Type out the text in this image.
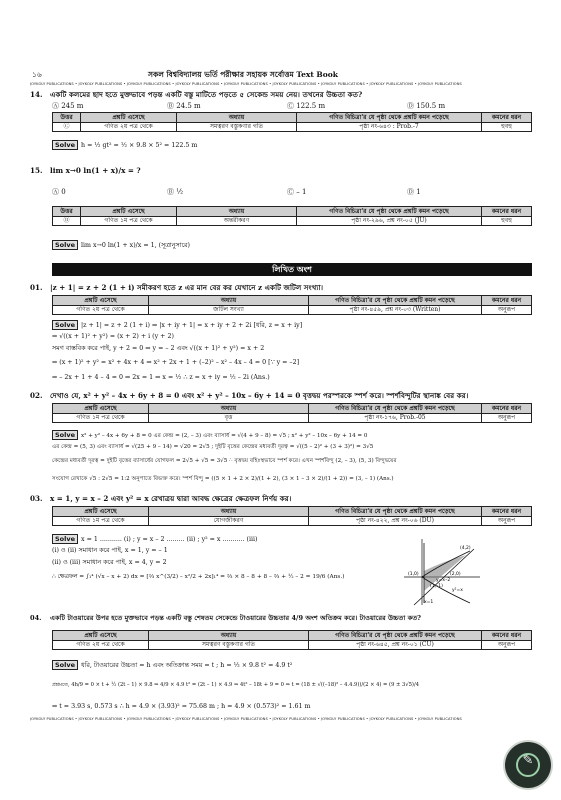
১৬	সকল বিশ্ববিদ্যালয় ভর্তি পরীক্ষার সহায়ক সর্বোত্তম Text Book
JOYKOLY PUBLICATIONS • JOYKOLY PUBLICATIONS • JOYKOLY PUBLICATIONS • JOYKOLY PUBLICATIONS • JOYKOLY PUBLICATIONS • JOYKOLY PUBLICATIONS • JOYKOLY PUBLICATIONS • JOYKOLY PUBLICATIONS • JOYKOLY PUBLICATIONS
14. একটি কলমের ছাদ হতে মুক্তভাবে পড়ন্ত একটি বস্তু মাটিতে পড়তে ৫ সেকেন্ড সময় নেয়। তখনের উচ্চতা কত?
Ⓐ 245 m	Ⓑ 24.5 m	Ⓒ 122.5 m	Ⓓ 150.5 m
উত্তর	প্রশ্নটি এসেছে	অধ্যায়	গণিত বিচিত্রা'র যে পৃষ্ঠা থেকে প্রশ্নটি কমন পড়েছে	কমনের ধরন
Ⓒ	গণিত ২য় পত্র থেকে	সমত্বরণ বস্তুকণার গতি	পৃষ্ঠা নং-৬৪৩ : Prob.-7	হুবহু
Solve h = ½ gt² = ½ × 9.8 × 5² = 122.5 m
15. lim x→0 ln(1 + x)/x = ?
Ⓐ 0	Ⓑ ½	Ⓒ – 1	Ⓓ 1
উত্তর	প্রশ্নটি এসেছে	অধ্যায়	গণিত বিচিত্রা'র যে পৃষ্ঠা থেকে প্রশ্নটি কমন পড়েছে	কমনের ধরন
Ⓓ	গণিত ১ম পত্র থেকে	অন্তরীকরণ	পৃষ্ঠা নং-২৯৬, প্রশ্ন নং-০৫ (JU)	হুবহু
Solve lim x→0 ln(1 + x)/x = 1, (সূত্রানুসারে)
লিখিত অংশ
01. |z + 1| = z + 2 (1 + i) সমীকরণ হতে z এর মান বের কর যেখানে z একটি জটিল সংখ্যা।
প্রশ্নটি এসেছে	অধ্যায়	গণিত বিচিত্রা'র যে পৃষ্ঠা থেকে প্রশ্নটি কমন পড়েছে	কমনের ধরন
গণিত ২য় পত্র থেকে	জটিল সংখ্যা	পৃষ্ঠা নং-৪৫৯, প্রশ্ন নং-০৩ (Written)	অনুরূপ
Solve |z + 1| = z + 2 (1 + i) ⇒ |x + iy + 1| = x + iy + 2 + 2i [ধরি, z = x + iy]
⇒ √((x + 1)² + y²) = (x + 2) + i (y + 2)
সমগ বাস্তবিক করে পাই, y + 2 = 0 ⇒ y = – 2 এবং √((x + 1)² + y²) = x + 2
⇒ (x + 1)² + y² = x² + 4x + 4 ⇒ x² + 2x + 1 + (–2)² – x² – 4x – 4 = 0 [∵ y = –2]
⇒ – 2x + 1 + 4 – 4 = 0 ⇒ 2x = 1 ⇒ x = ½ ∴ z = x + iy = ½ – 2i (Ans.)
02. দেখাও যে, x² + y² – 4x + 6y + 8 = 0 এবং x² + y² – 10x – 6y + 14 = 0 বৃত্তদ্বয় পরস্পরকে স্পর্শ করে। স্পর্শবিন্দুটির স্থানাঙ্ক বের কর।
প্রশ্নটি এসেছে	অধ্যায়	গণিত বিচিত্রা'র যে পৃষ্ঠা থেকে প্রশ্নটি কমন পড়েছে	কমনের ধরন
গণিত ১ম পত্র থেকে	বৃত্ত	পৃষ্ঠা নং-১৭৬, Prob.-05	অনুরূপ
Solve x² + y² – 4x + 6y + 8 = 0 এর কেন্দ্র = (2, – 3) এবং ব্যাসার্ধ = √(4 + 9 – 8) = √5 ; x² + y² – 10x – 6y + 14 = 0
এর কেন্দ্র = (5, 3) এবং ব্যাসার্ধ = √(25 + 9 – 14) = √20 = 2√5 ; দুইটি বৃত্তের কেন্দ্রের মধ্যবর্তী দূরত্ব = √((5 – 2)² + (3 + 3)²) = 3√5
কেন্দ্রের মধ্যবর্তী দূরত্ব = দুইটি বৃত্তের ব্যাসার্ধের যোগফল = 2√5 + √5 = 3√5 ∴ বৃত্তদ্বয় বহিঃস্থভাবে স্পর্শ করে। এখন স্পর্শবিন্দু (2, – 3), (5, 3) বিন্দুদ্বয়ের
সংযোগ রেখাকে √5 : 2√5 = 1:2 অনুপাতে বিভক্ত করে। স্পর্শ বিন্দু = ((5 × 1 + 2 × 2)/(1 + 2), (3 × 1 – 3 × 2)/(1 + 2)) = (3, – 1) (Ans.)
03. x = 1, y = x – 2 এবং y² = x রেখাত্রয় দ্বারা আবদ্ধ ক্ষেত্রের ক্ষেত্রফল নির্ণয় কর।
প্রশ্নটি এসেছে	অধ্যায়	গণিত বিচিত্রা'র যে পৃষ্ঠা থেকে প্রশ্নটি কমন পড়েছে	কমনের ধরন
গণিত ১ম পত্র থেকে	যোগজীকরণ	পৃষ্ঠা নং-৪২২, প্রশ্ন নং-০৬ (DU)	অনুরূপ
Solve x = 1 ........... (i) ; y = x – 2 ......... (ii) ; y² = x ........... (iii)
(i) ও (ii) সমাধান করে পাই, x = 1, y = – 1
(ii) ও (iii) সমাধান করে পাই, x = 4, y = 2
∴ ক্ষেত্রফল = ∫₁⁴ (√x – x + 2) dx = [⅔ x^(3/2) – x²/2 + 2x]₁⁴ = ⅔ × 8 – 8 + 8 – ⅔ + ½ – 2 = 19/6 (Ans.)
(4,2)
(2,0)
(1,0)
y=x–2
(1,–1)
y²=x
x=1
04. একটি টাওয়ারের উপর হতে মুক্তভাবে পড়ন্ত একটি বস্তু শেষতম সেকেন্ডে টাওয়ারের উচ্চতার 4/9 অংশ অতিক্রম করে। টাওয়ারের উচ্চতা কত?
প্রশ্নটি এসেছে	অধ্যায়	গণিত বিচিত্রা'র যে পৃষ্ঠা থেকে প্রশ্নটি কমন পড়েছে	কমনের ধরন
গণিত ২য় পত্র থেকে	সমত্বরণ বস্তুকণার গতি	পৃষ্ঠা নং-৬৪৫, প্রশ্ন নং-০১ (CU)	অনুরূপ
Solve ধরি, টাওয়ারের উচ্চতা = h এবং অতিক্রান্ত সময় = t ; h = ½ × 9.8 t² = 4.9 t²
প্রশ্নমতে, 4h/9 = 0 × t + ½ (2t – 1) × 9.8 ⇒ 4/9 × 4.9 t² = (2t – 1) × 4.9 ⇒ 4t² – 18t + 9 = 0 ⇒ t = (18 ± √((–18)² – 4.4.9))/(2 × 4) = (9 ± 3√5)/4
⇒ t = 3.93 s, 0.573 s ∴ h = 4.9 × (3.93)² = 75.68 m ; h = 4.9 × (0.573)² = 1.61 m
JOYKOLY PUBLICATIONS • JOYKOLY PUBLICATIONS • JOYKOLY PUBLICATIONS • JOYKOLY PUBLICATIONS • JOYKOLY PUBLICATIONS • JOYKOLY PUBLICATIONS • JOYKOLY PUBLICATIONS • JOYKOLY PUBLICATIONS • JOYKOLY PUBLICATIONS
✎
